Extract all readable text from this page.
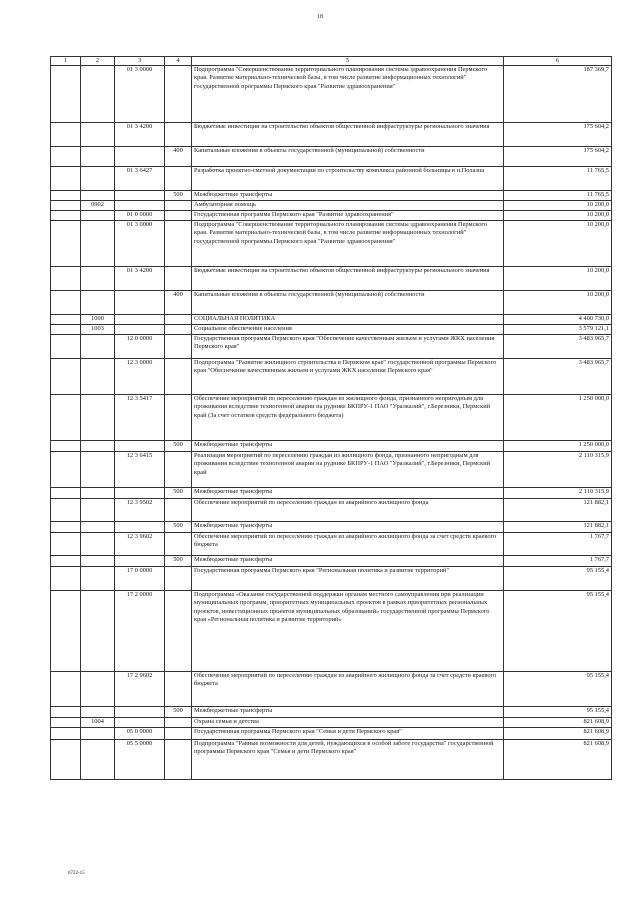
18
1	2	3	4	5	6
		01 3 0000		Подпрограмма "Совершенствование территориального планирования системы здравоохранения Пермского края. Развитие материально-технической базы, в том числе развитие информационных технологий" государственной программы Пермского края "Развитие здравоохранения"	187 369,7
		01 3 4200		Бюджетные инвестиции на строительство объектов общественной инфраструктуры регионального значения	175 604,2
			400	Капитальные вложения в объекты государственной (муниципальной) собственности	175 604,2
		01 3 6427		Разработка проектно-сметной документации по строительству комплекса районной больницы в п.Полазна	11 765,5
			500	Межбюджетные трансферты	11 765,5
	0902			Амбулаторная помощь	10 200,0
		01 0 0000		Государственная программа Пермского края "Развитие здравоохранения"	10 200,0
		01 3 0000		Подпрограмма "Совершенствование территориального планирования системы здравоохранения Пермского края. Развитие материально-технической базы, в том числе развитие информационных технологий" государственной программы Пермского края "Развитие здравоохранения"	10 200,0
		01 3 4200		Бюджетные инвестиции на строительство объектов общественной инфраструктуры регионального значения	10 200,0
			400	Капитальные вложения в объекты государственной (муниципальной) собственности	10 200,0
	1000			СОЦИАЛЬНАЯ ПОЛИТИКА	4 400 730,0
	1003			Социальное обеспечение населения	3 579 121,1
		12 0 0000		Государственная программа Пермского края "Обеспечение качественным жильем и услугами ЖКХ населения Пермского края"	3 483 965,7
		12 3 0000		Подпрограмма "Развитие жилищного строительства в Пермском крае" государственной программы Пермского края "Обеспечение качественным жильем и услугами ЖКХ населения Пермского края"	3 483 965,7
		12 3 5417		Обеспечение мероприятий по переселению граждан из жилищного фонда, признанного непригодным для проживания вследствие техногенной аварии на руднике БКПРУ-1 ПАО "Уралкалий", г.Березники, Пермский край (За счет остатков средств федерального бюджета)	1 250 000,0
			500	Межбюджетные трансферты	1 250 000,0
		12 3 6415		Реализация мероприятий по переселению граждан из жилищного фонда, признанного непригодным для проживания вследствие техногенной аварии на руднике БКПРУ-1 ПАО "Уралкалий", г.Березники, Пермский край	2 110 315,9
			500	Межбюджетные трансферты	2 110 315,9
		12 3 9502		Обеспечение мероприятий по переселению граждан из аварийного жилищного фонда	121 882,1
			500	Межбюджетные трансферты	121 882,1
		12 3 9602		Обеспечение мероприятий по переселению граждан из аварийного жилищного фонда за счет средств краевого бюджета	1 767,7
			500	Межбюджетные трансферты	1 767,7
		17 0 0000		Государственная программа Пермского края "Региональная политика и развитие территорий"	95 155,4
		17 2 0000		Подпрограмма «Оказание государственной поддержки органам местного самоуправления при реализации муниципальных программ, приоритетных муниципальных проектов в рамках приоритетных региональных проектов, инвестиционных проектов муниципальных образований» государственной программы Пермского края «Региональная политика и развитие территорий»	95 155,4
		17 2 9602		Обеспечение мероприятий по переселению граждан из аварийного жилищного фонда за счет средств краевого бюджета	95 155,4
			500	Межбюджетные трансферты	95 155,4
	1004			Охрана семьи и детства	821 608,9
		05 0 0000		Государственная программа Пермского края "Семья и дети Пермского края"	821 608,9
		05 5 0000		Подпрограмма "Равные возможности для детей, нуждающихся в особой заботе государства" государственной программы Пермского края "Семья и дети Пермского края"	821 608,9
6722-15
